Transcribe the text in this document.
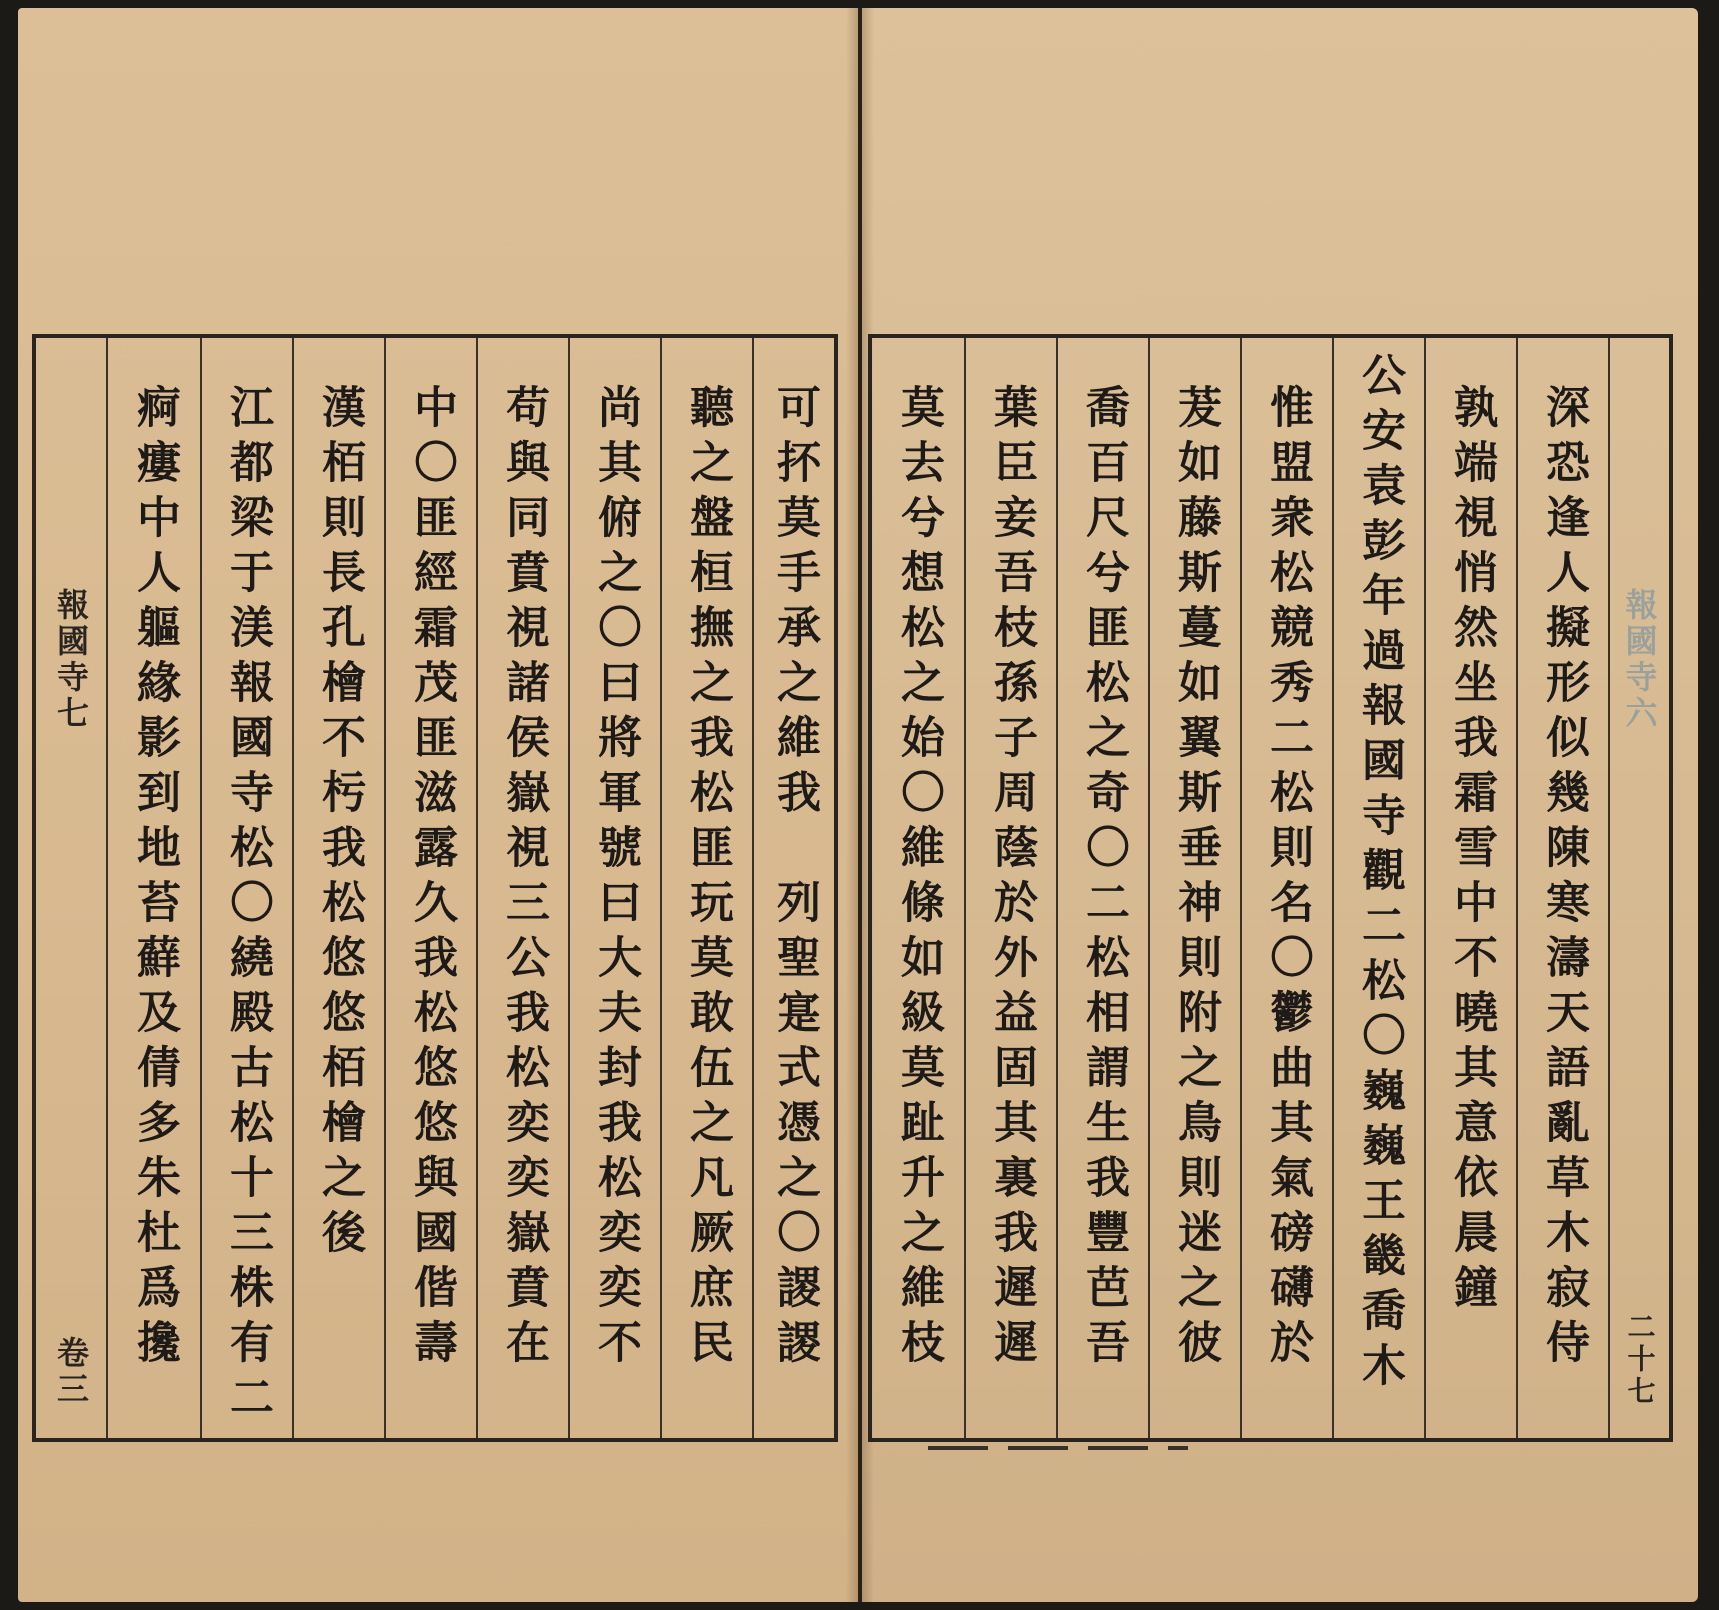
報國寺七
卷三 痾瘻中人軀緣影到地苔蘚及倩多朱杜爲攙 江都梁于渼報國寺松〇繞殿古松十三株有二 漢栢則長孔檜不杇我松悠悠栢檜之後 中〇匪經霜茂匪滋露久我松悠悠與國偕壽 苟與同賁視諸侯嶽視三公我松奕奕嶽賁在 尚其俯之〇曰將軍號曰大夫封我松奕奕不 聽之盤桓撫之我松匪玩莫敢伍之凡厥庶民 可抔莫手承之維我　列聖寔式憑之〇謖謖 莫去兮想松之始〇維條如級莫趾升之維枝 葉臣妾吾枝孫子周蔭於外益固其裏我遲遲 喬百尺兮匪松之奇〇二松相謂生我豐芭吾 茇如藤斯蔓如翼斯垂神則附之鳥則迷之彼 惟盟衆松競秀二松則名〇鬱曲其氣磅礴於 公安袁彭年過報國寺觀二松〇巍巍王畿喬木 孰端視悄然坐我霜雪中不曉其意依晨鐘 深恐逢人擬形似幾陳寒濤天語亂草木寂侍 報國寺六
二十七
